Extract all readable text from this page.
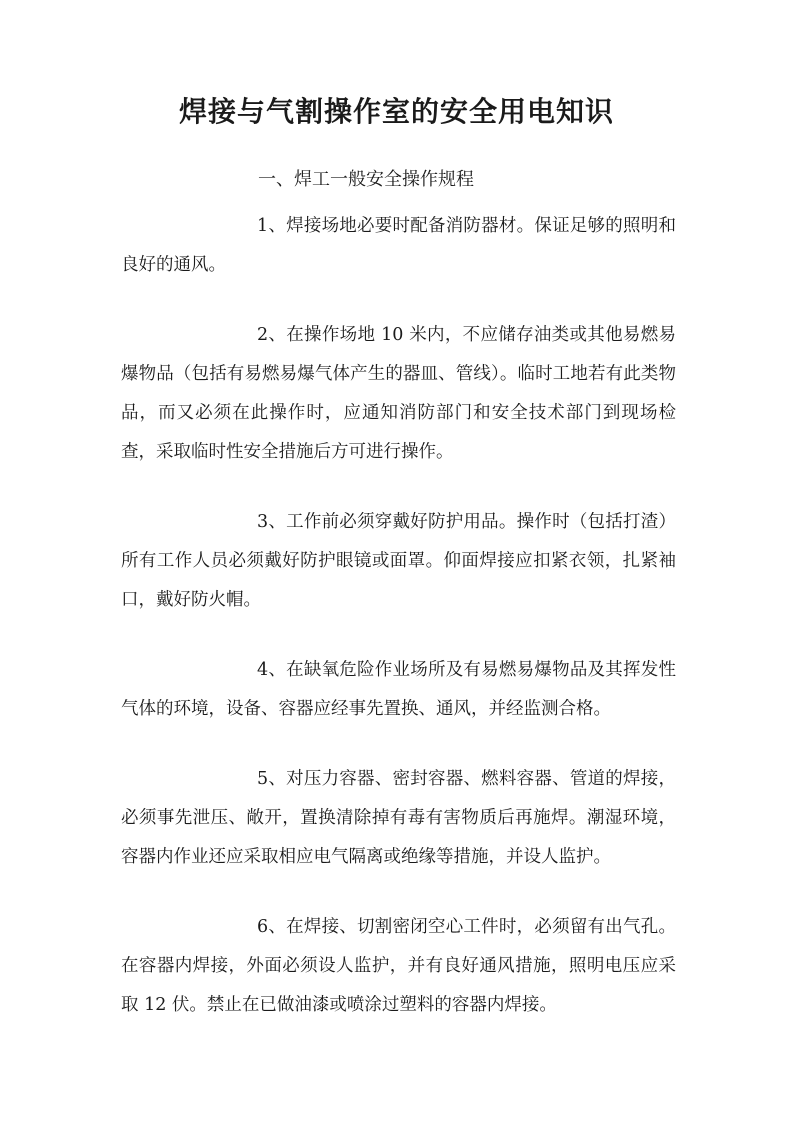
焊接与气割操作室的安全用电知识

一、焊工一般安全操作规程

1、焊接场地必要时配备消防器材。保证足够的照明和良好的通风。

2、在操作场地 10 米内，不应储存油类或其他易燃易爆物品（包括有易燃易爆气体产生的器皿、管线）。临时工地若有此类物品，而又必须在此操作时，应通知消防部门和安全技术部门到现场检查，采取临时性安全措施后方可进行操作。

3、工作前必须穿戴好防护用品。操作时（包括打渣）所有工作人员必须戴好防护眼镜或面罩。仰面焊接应扣紧衣领，扎紧袖口，戴好防火帽。

4、在缺氧危险作业场所及有易燃易爆物品及其挥发性气体的环境，设备、容器应经事先置换、通风，并经监测合格。

5、对压力容器、密封容器、燃料容器、管道的焊接，必须事先泄压、敞开，置换清除掉有毒有害物质后再施焊。潮湿环境，容器内作业还应采取相应电气隔离或绝缘等措施，并设人监护。

6、在焊接、切割密闭空心工件时，必须留有出气孔。在容器内焊接，外面必须设人监护，并有良好通风措施，照明电压应采取 12 伏。禁止在已做油漆或喷涂过塑料的容器内焊接。
